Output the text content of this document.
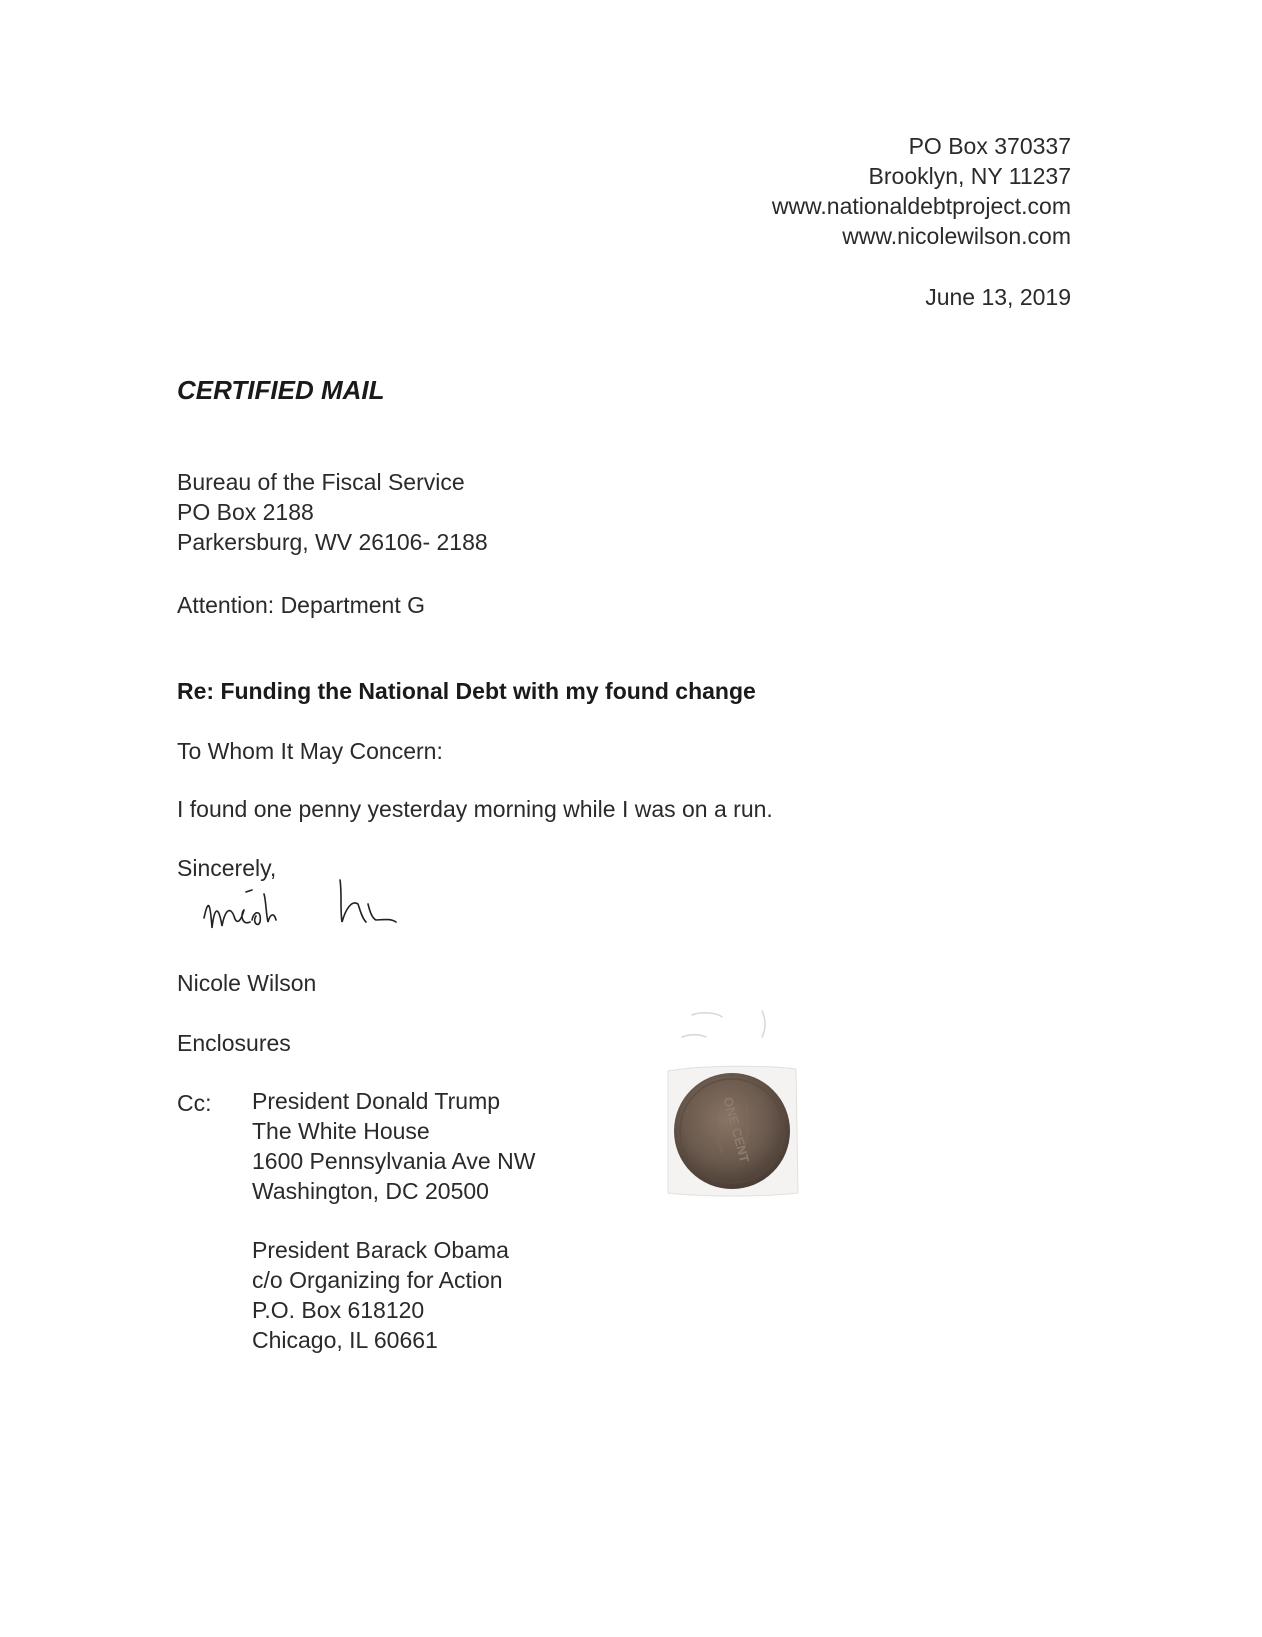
PO Box 370337
Brooklyn, NY 11237
www.nationaldebtproject.com
www.nicolewilson.com
June 13, 2019
CERTIFIED MAIL
Bureau of the Fiscal Service
PO Box 2188
Parkersburg, WV 26106- 2188
Attention: Department G
Re: Funding the National Debt with my found change
To Whom It May Concern:
I found one penny yesterday morning while I was on a run.
Sincerely,
Nicole Wilson
Enclosures
Cc: President Donald Trump
The White House
1600 Pennsylvania Ave NW
Washington, DC 20500
President Barack Obama
c/o Organizing for Action
P.O. Box 618120
Chicago, IL 60661
ONE CENT
